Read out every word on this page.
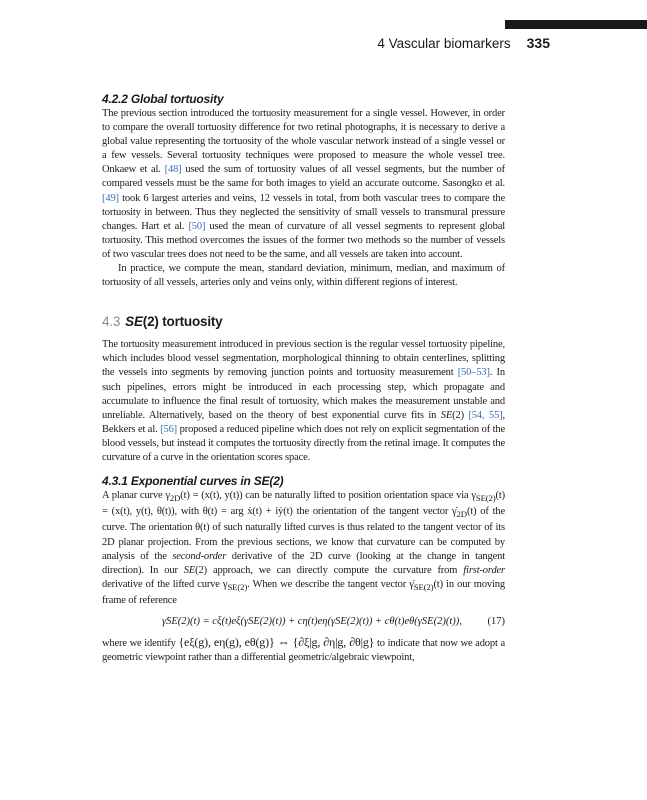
4 Vascular biomarkers 335
4.2.2 Global tortuosity

The previous section introduced the tortuosity measurement for a single vessel. However, in order to compare the overall tortuosity difference for two retinal photographs, it is necessary to derive a global value representing the tortuosity of the whole vascular network instead of a single vessel or a few vessels. Several tortuosity techniques were proposed to measure the whole vessel tree. Onkaew et al. [48] used the sum of tortuosity values of all vessel segments, but the number of compared vessels must be the same for both images to yield an accurate outcome. Sasongko et al. [49] took 6 largest arteries and veins, 12 vessels in total, from both vascular trees to compare the tortuosity in between. Thus they neglected the sensitivity of small vessels to transmural pressure changes. Hart et al. [50] used the mean of curvature of all vessel segments to represent global tortuosity. This method overcomes the issues of the former two methods so the number of vessels of two vascular trees does not need to be the same, and all vessels are taken into account.

In practice, we compute the mean, standard deviation, minimum, median, and maximum of tortuosity of all vessels, arteries only and veins only, within different regions of interest.

4.3 SE(2) tortuosity

The tortuosity measurement introduced in previous section is the regular vessel tortuosity pipeline, which includes blood vessel segmentation, morphological thinning to obtain centerlines, splitting the vessels into segments by removing junction points and tortuosity measurement [50–53]. In such pipelines, errors might be introduced in each processing step, which propagate and accumulate to influence the final result of tortuosity, which makes the measurement unstable and unreliable. Alternatively, based on the theory of best exponential curve fits in SE(2) [54, 55], Bekkers et al. [56] proposed a reduced pipeline which does not rely on explicit segmentation of the blood vessels, but instead it computes the tortuosity directly from the retinal image. It computes the curvature of a curve in the orientation scores space.

4.3.1 Exponential curves in SE(2)

A planar curve $\gamma_{2D}(t) = (x(t)$, y(t)) can be naturally lifted to position orientation space via $\gamma_{SE(2)}(t) = (x(t)$, y(t), θ(t)), with θ(t) = arg ẋ(t) + iẏ(t) the orientation of the tangent vector $\gammȧ_{2D}(t)$ of the curve. The orientation θ(t) of such naturally lifted curves is thus related to the tangent vector of its 2D planar projection. From the previous sections, we know that curvature can be computed by analysis of the second-order derivative of the 2D curve (looking at the change in tangent direction). In our SE(2) approach, we can directly compute the curvature from first-order derivative of the lifted curve $\gamma_{SE(2)}$. When we describe the tangent vector $\gammȧ_{SE(2)}(t)$ in our moving frame of reference

γ̇SE(2)(t) = cξ(t)eξ(γSE(2)(t)) + cη(t)eη(γSE(2)(t)) + cθ(t)eθ(γSE(2)(t)), (17)

where we identify {eξ(g), eη(g), eθ(g)} ⇔ {∂ξ|g, ∂η|g, ∂θ|g} to indicate that now we adopt a geometric viewpoint rather than a differential geometric/algebraic viewpoint,
